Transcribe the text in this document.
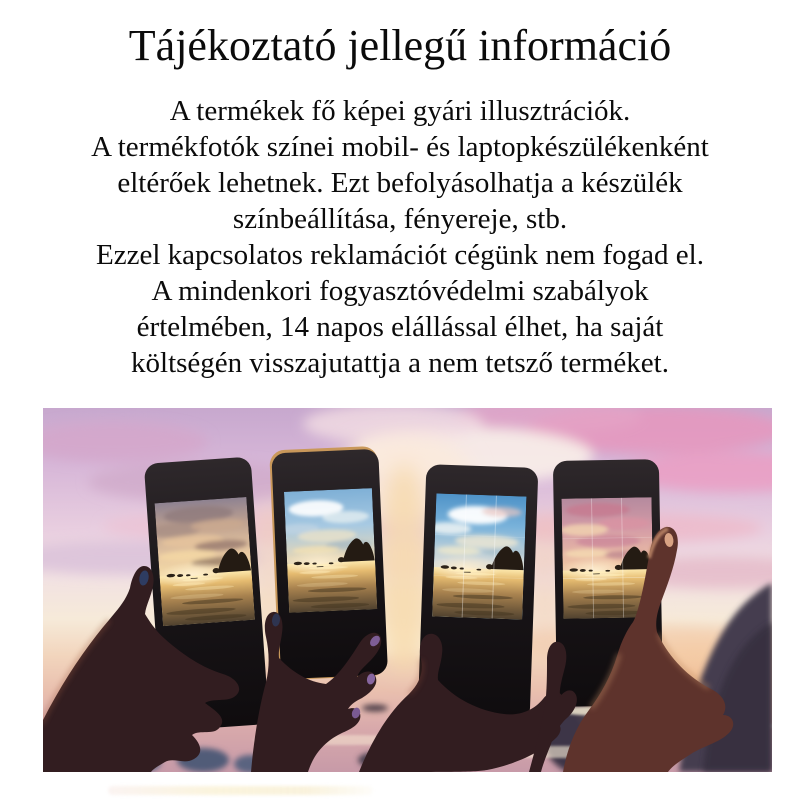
Tájékoztató jellegű információ
A termékek fő képei gyári illusztrációk.
A termékfotók színei mobil- és laptopkészülékenként
eltérőek lehetnek. Ezt befolyásolhatja a készülék
színbeállítása, fényereje, stb.
Ezzel kapcsolatos reklamációt cégünk nem fogad el.
A mindenkori fogyasztóvédelmi szabályok
értelmében, 14 napos elállással élhet, ha saját
költségén visszajutattja a nem tetsző terméket.
